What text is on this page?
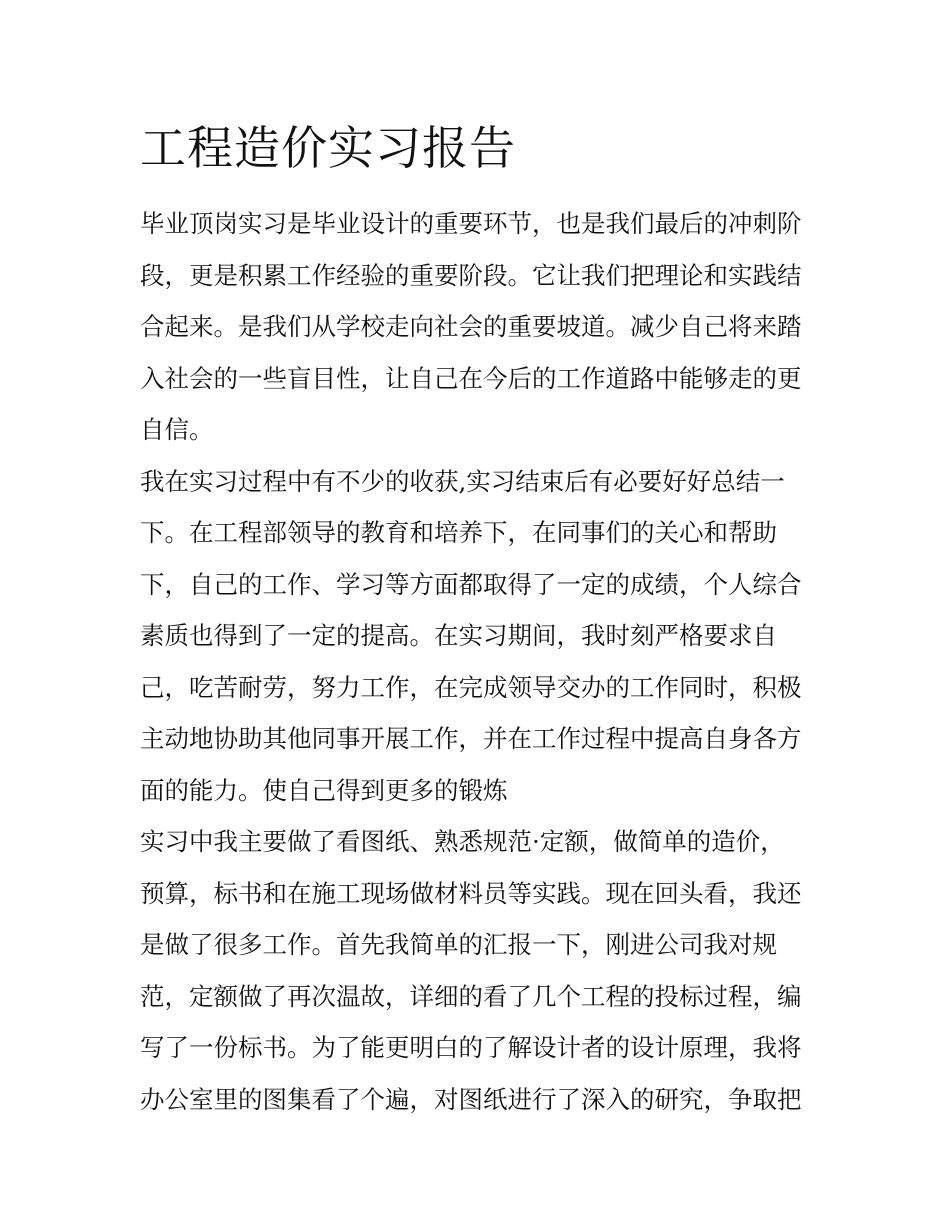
工程造价实习报告
毕业顶岗实习是毕业设计的重要环节，也是我们最后的冲刺阶
段，更是积累工作经验的重要阶段。它让我们把理论和实践结
合起来。是我们从学校走向社会的重要坡道。减少自己将来踏
入社会的一些盲目性，让自己在今后的工作道路中能够走的更
自信。
我在实习过程中有不少的收获,实习结束后有必要好好总结一
下。在工程部领导的教育和培养下，在同事们的关心和帮助
下，自己的工作、学习等方面都取得了一定的成绩，个人综合
素质也得到了一定的提高。在实习期间，我时刻严格要求自
己，吃苦耐劳，努力工作，在完成领导交办的工作同时，积极
主动地协助其他同事开展工作，并在工作过程中提高自身各方
面的能力。使自己得到更多的锻炼
实习中我主要做了看图纸、熟悉规范·定额，做简单的造价，
预算，标书和在施工现场做材料员等实践。现在回头看，我还
是做了很多工作。首先我简单的汇报一下，刚进公司我对规
范，定额做了再次温故，详细的看了几个工程的投标过程，编
写了一份标书。为了能更明白的了解设计者的设计原理，我将
办公室里的图集看了个遍，对图纸进行了深入的研究，争取把
